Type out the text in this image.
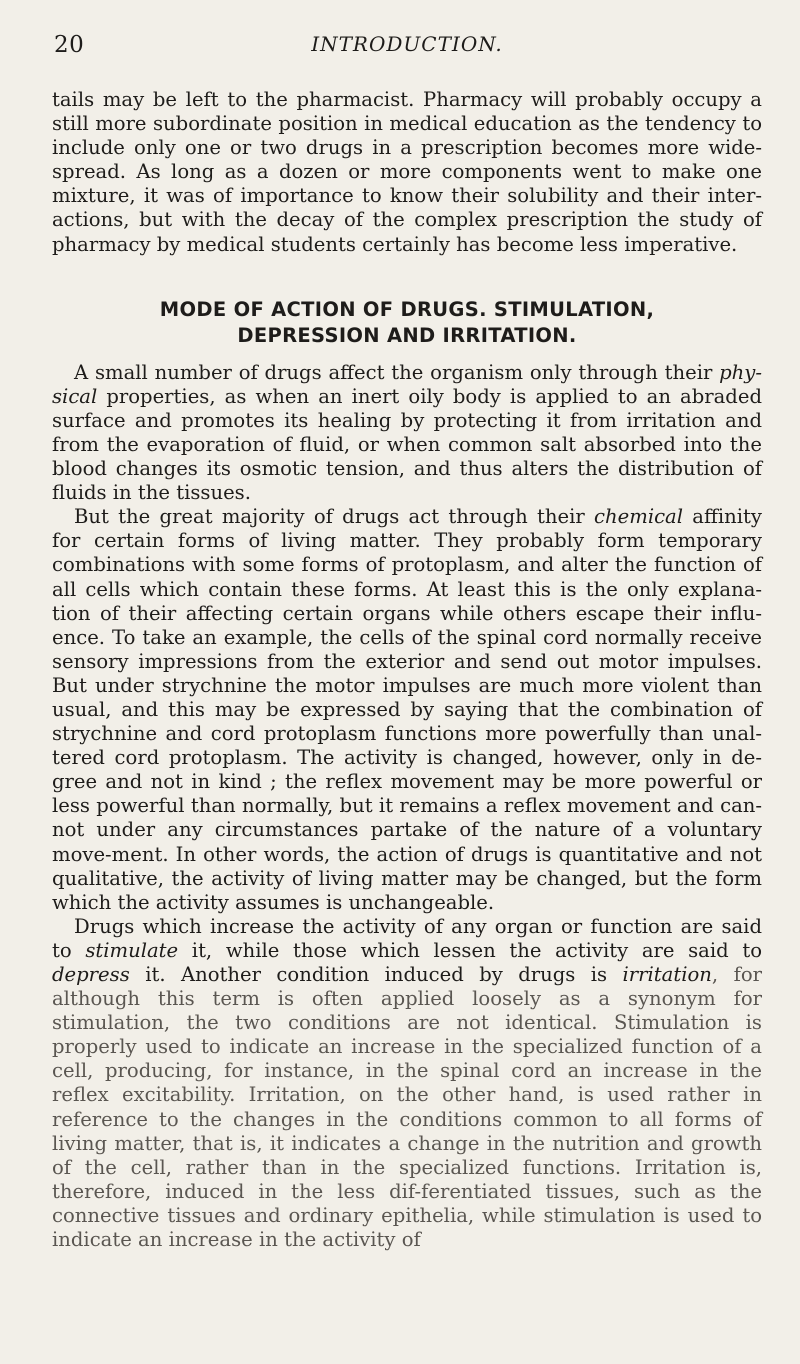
20	INTRODUCTION.

tails may be left to the pharmacist. Pharmacy will probably occupy a still more subordinate position in medical education as the tendency to include only one or two drugs in a prescription becomes more wide-spread. As long as a dozen or more components went to make one mixture, it was of importance to know their solubility and their inter-actions, but with the decay of the complex prescription the study of pharmacy by medical students certainly has become less imperative.

MODE OF ACTION OF DRUGS. STIMULATION,
DEPRESSION AND IRRITATION.

A small number of drugs affect the organism only through their phy-sical properties, as when an inert oily body is applied to an abraded surface and promotes its healing by protecting it from irritation and from the evaporation of fluid, or when common salt absorbed into the blood changes its osmotic tension, and thus alters the distribution of fluids in the tissues.

But the great majority of drugs act through their chemical affinity for certain forms of living matter. They probably form temporary combinations with some forms of protoplasm, and alter the function of all cells which contain these forms. At least this is the only explana-tion of their affecting certain organs while others escape their influ-ence. To take an example, the cells of the spinal cord normally receive sensory impressions from the exterior and send out motor impulses. But under strychnine the motor impulses are much more violent than usual, and this may be expressed by saying that the combination of strychnine and cord protoplasm functions more powerfully than unal-tered cord protoplasm. The activity is changed, however, only in de-gree and not in kind ; the reflex movement may be more powerful or less powerful than normally, but it remains a reflex movement and can-not under any circumstances partake of the nature of a voluntary move-ment. In other words, the action of drugs is quantitative and not qualitative, the activity of living matter may be changed, but the form which the activity assumes is unchangeable.

Drugs which increase the activity of any organ or function are said to stimulate it, while those which lessen the activity are said to depress it. Another condition induced by drugs is irritation, for although this term is often applied loosely as a synonym for stimulation, the two conditions are not identical. Stimulation is properly used to indicate an increase in the specialized function of a cell, producing, for instance, in the spinal cord an increase in the reflex excitability. Irritation, on the other hand, is used rather in reference to the changes in the conditions common to all forms of living matter, that is, it indicates a change in the nutrition and growth of the cell, rather than in the specialized functions. Irritation is, therefore, induced in the less dif-ferentiated tissues, such as the connective tissues and ordinary epithelia, while stimulation is used to indicate an increase in the activity of
